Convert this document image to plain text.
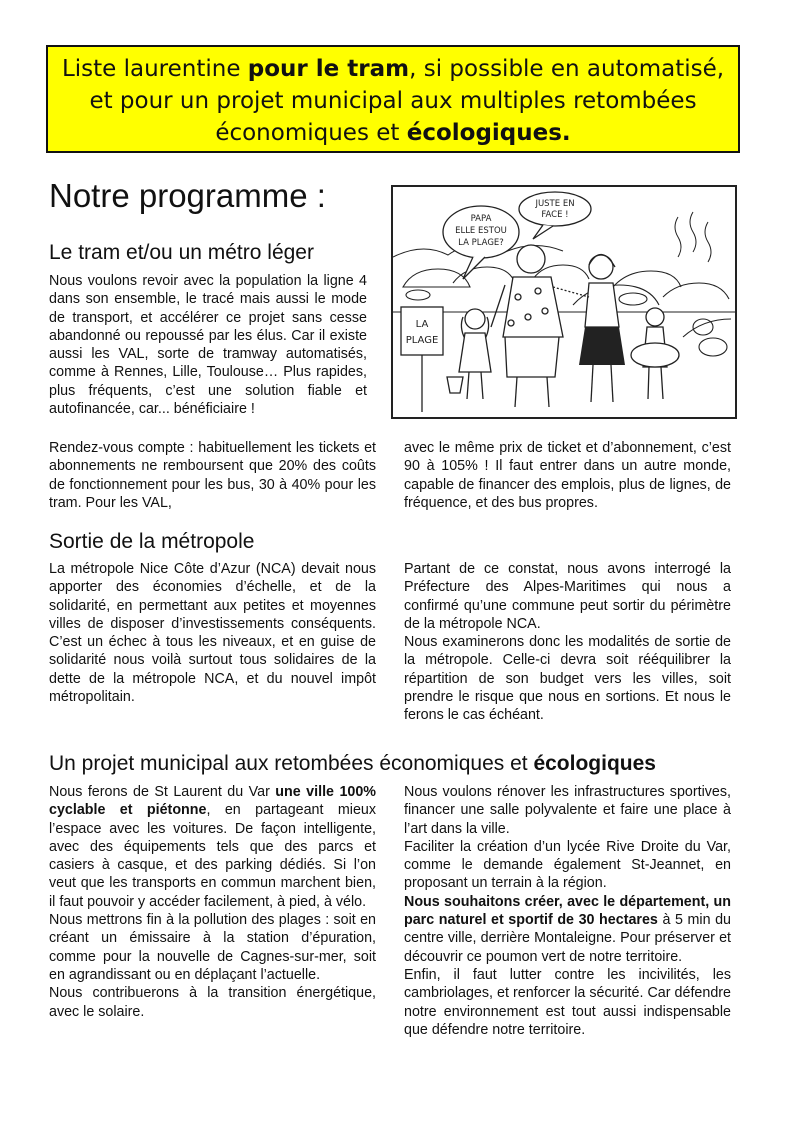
Liste laurentine pour le tram, si possible en automatisé, et pour un projet municipal aux multiples retombées économiques et écologiques.
Notre programme :
PAPA
ELLE ESTOU
LA PLAGE?
JUSTE EN
FACE !
LA
PLAGE
Le tram et/ou un métro léger

Nous voulons revoir avec la population la ligne 4 dans son ensemble, le tracé mais aussi le mode de transport, et accélérer ce projet sans cesse abandonné ou repoussé par les élus. Car il existe aussi les VAL, sorte de tramway automatisés, comme à Rennes, Lille, Toulouse… Plus rapides, plus fréquents, c’est une solution fiable et autofinancée, car... bénéficiaire !

Rendez-vous compte : habituellement les tickets et abonnements ne remboursent que 20% des coûts de fonctionnement pour les bus, 30 à 40% pour les tram. Pour les VAL,

avec le même prix de ticket et d’abonnement, c’est 90 à 105% ! Il faut entrer dans un autre monde, capable de financer des emplois, plus de lignes, de fréquence, et des bus propres.

Sortie de la métropole

La métropole Nice Côte d’Azur (NCA) devait nous apporter des économies d’échelle, et de la solidarité, en permettant aux petites et moyennes villes de disposer d’investissements conséquents. C’est un échec à tous les niveaux, et en guise de solidarité nous voilà surtout tous solidaires de la dette de la métropole NCA, et du nouvel impôt métropolitain.

Partant de ce constat, nous avons interrogé la Préfecture des Alpes-Maritimes qui nous a confirmé qu’une commune peut sortir du périmètre de la métropole NCA.

Nous examinerons donc les modalités de sortie de la métropole. Celle-ci devra soit rééquilibrer la répartition de son budget vers les villes, soit prendre le risque que nous en sortions. Et nous le ferons le cas échéant.

Un projet municipal aux retombées économiques et écologiques

Nous ferons de St Laurent du Var une ville 100% cyclable et piétonne, en partageant mieux l’espace avec les voitures. De façon intelligente, avec des équipements tels que des parcs et casiers à casque, et des parking dédiés. Si l’on veut que les transports en commun marchent bien, il faut pouvoir y accéder facilement, à pied, à vélo.

Nous mettrons fin à la pollution des plages : soit en créant un émissaire à la station d’épuration, comme pour la nouvelle de Cagnes-sur-mer, soit en agrandissant ou en déplaçant l’actuelle.

Nous contribuerons à la transition énergétique, avec le solaire.

Nous voulons rénover les infrastructures sportives, financer une salle polyvalente et faire une place à l’art dans la ville.

Faciliter la création d’un lycée Rive Droite du Var, comme le demande également St-Jeannet, en proposant un terrain à la région.

Nous souhaitons créer, avec le département, un parc naturel et sportif de 30 hectares à 5 min du centre ville, derrière Montaleigne. Pour préserver et découvrir ce poumon vert de notre territoire.

Enfin, il faut lutter contre les incivilités, les cambriolages, et renforcer la sécurité. Car défendre notre environnement est tout aussi indispensable que défendre notre territoire.
